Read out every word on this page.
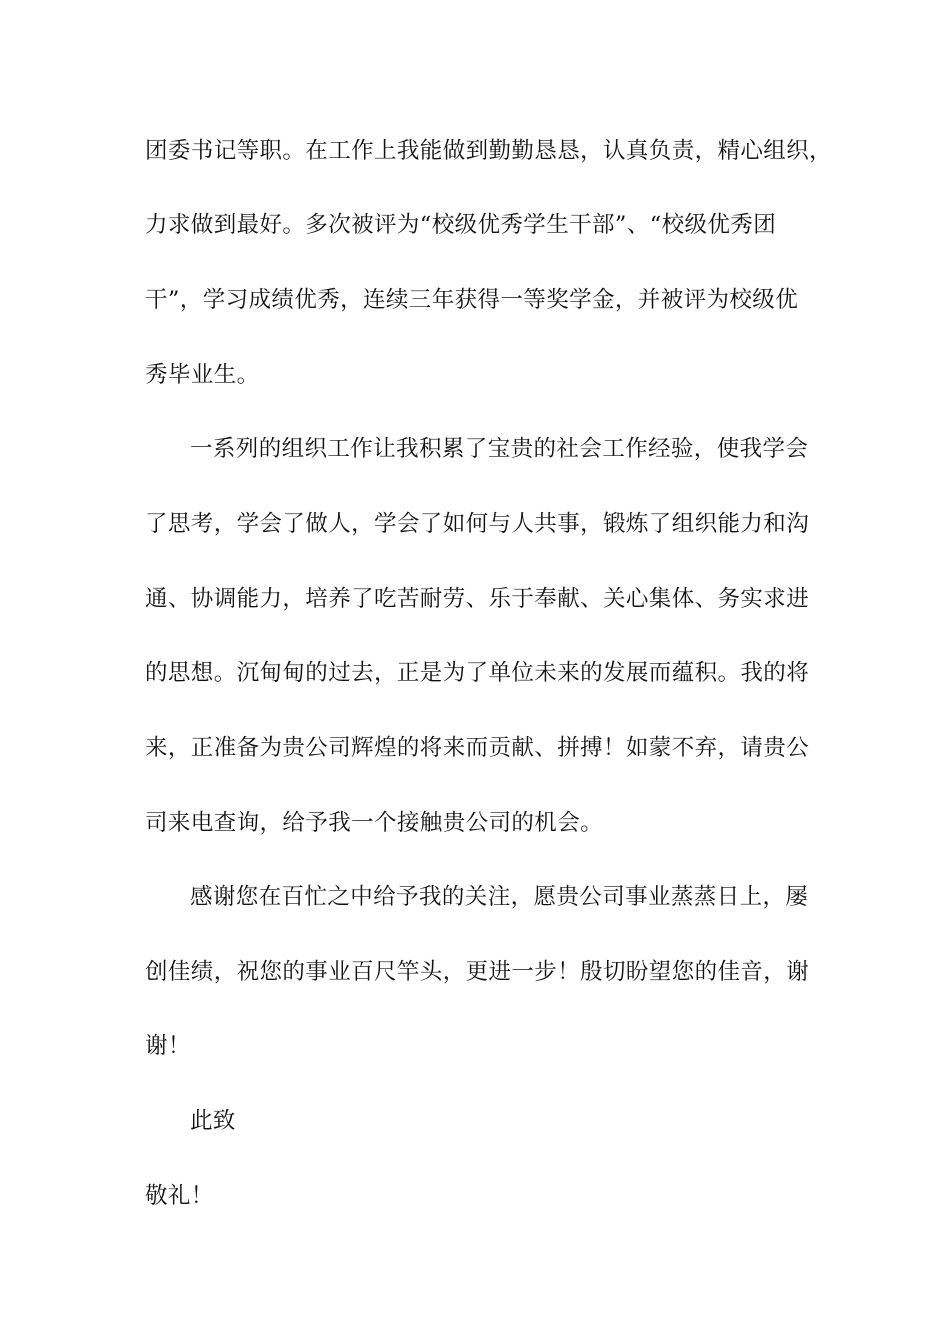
团委书记等职。在工作上我能做到勤勤恳恳，认真负责，精心组织，
力求做到最好。多次被评为“校级优秀学生干部”、“校级优秀团
干”，学习成绩优秀，连续三年获得一等奖学金，并被评为校级优
秀毕业生。
一系列的组织工作让我积累了宝贵的社会工作经验，使我学会
了思考，学会了做人，学会了如何与人共事，锻炼了组织能力和沟
通、协调能力，培养了吃苦耐劳、乐于奉献、关心集体、务实求进
的思想。沉甸甸的过去，正是为了单位未来的发展而蕴积。我的将
来，正准备为贵公司辉煌的将来而贡献、拼搏！如蒙不弃，请贵公
司来电查询，给予我一个接触贵公司的机会。
感谢您在百忙之中给予我的关注，愿贵公司事业蒸蒸日上，屡
创佳绩，祝您的事业百尺竿头，更进一步！殷切盼望您的佳音，谢
谢！
此致
敬礼！
